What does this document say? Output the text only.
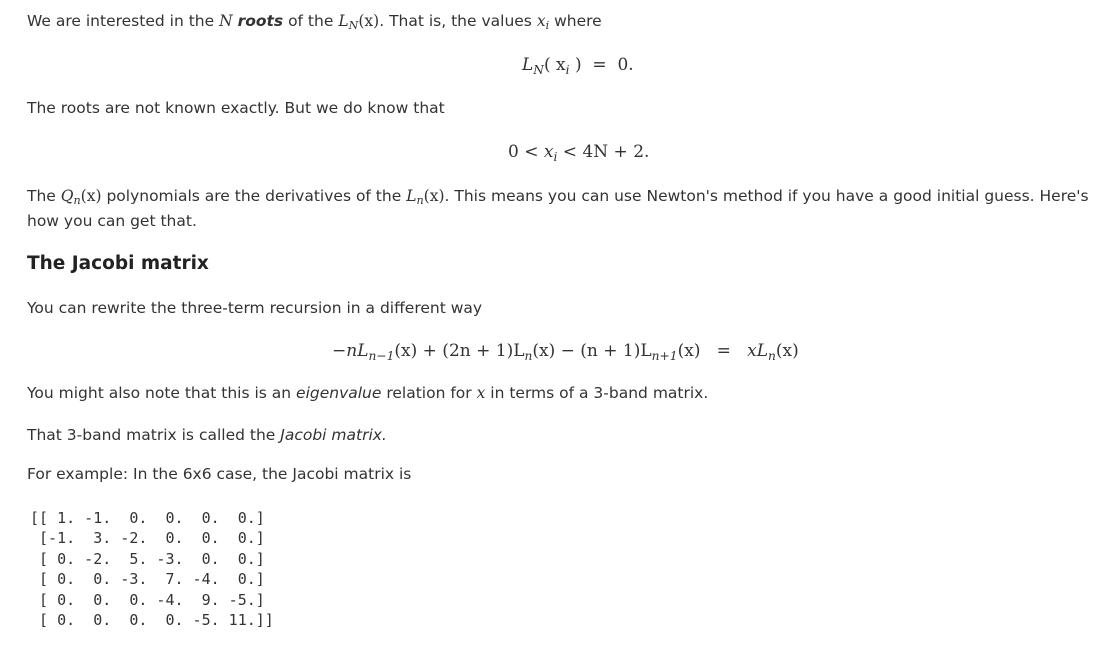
We are interested in the N roots of the $L_N(x)$. That is, the values $x_i$ where
$L_N$( $x_i$ ) = 0.
The roots are not known exactly. But we do know that
$0 < x_i < 4N + 2$.
The $Q_n(x)$ polynomials are the derivatives of the $L_n(x)$. This means you can use Newton's method if you have a good initial guess. Here's
how you can get that.
The Jacobi matrix
You can rewrite the three-term recursion in a different way
$-nL_{n-1}(x) + (2n + 1)L_n(x) - (n + 1)L_{n+1}(x) = xL_n(x)$
You might also note that this is an eigenvalue relation for x in terms of a 3-band matrix.
That 3-band matrix is called the Jacobi matrix.
For example: In the 6x6 case, the Jacobi matrix is
[[ 1. -1.  0.  0.  0.  0.]
[-1.  3. -2.  0.  0.  0.]
[ 0. -2.  5. -3.  0.  0.]
[ 0.  0. -3.  7. -4.  0.]
[ 0.  0.  0. -4.  9. -5.]
[ 0.  0.  0.  0. -5. 11.]]
